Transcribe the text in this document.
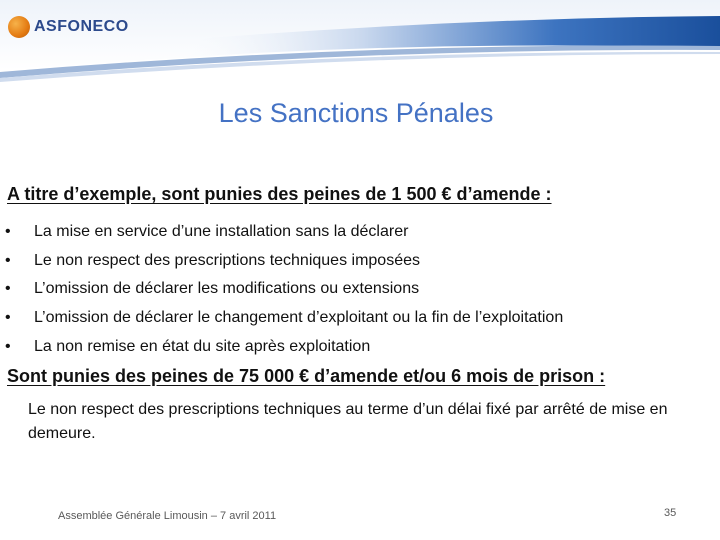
ASFONECO
Les Sanctions Pénales
A titre d’exemple, sont punies des peines de 1 500 € d’amende :
• La mise en service d’une installation sans la déclarer
• Le non respect des prescriptions techniques imposées
• L’omission de déclarer les modifications ou extensions
• L’omission de déclarer le changement d’exploitant ou la fin de l’exploitation
• La non remise en état du site après exploitation
Sont punies des peines de 75 000 € d’amende et/ou 6 mois de prison :
Le non respect des prescriptions techniques au terme d’un délai fixé par arrêté de mise en demeure.
Assemblée Générale Limousin – 7 avril 2011	35
